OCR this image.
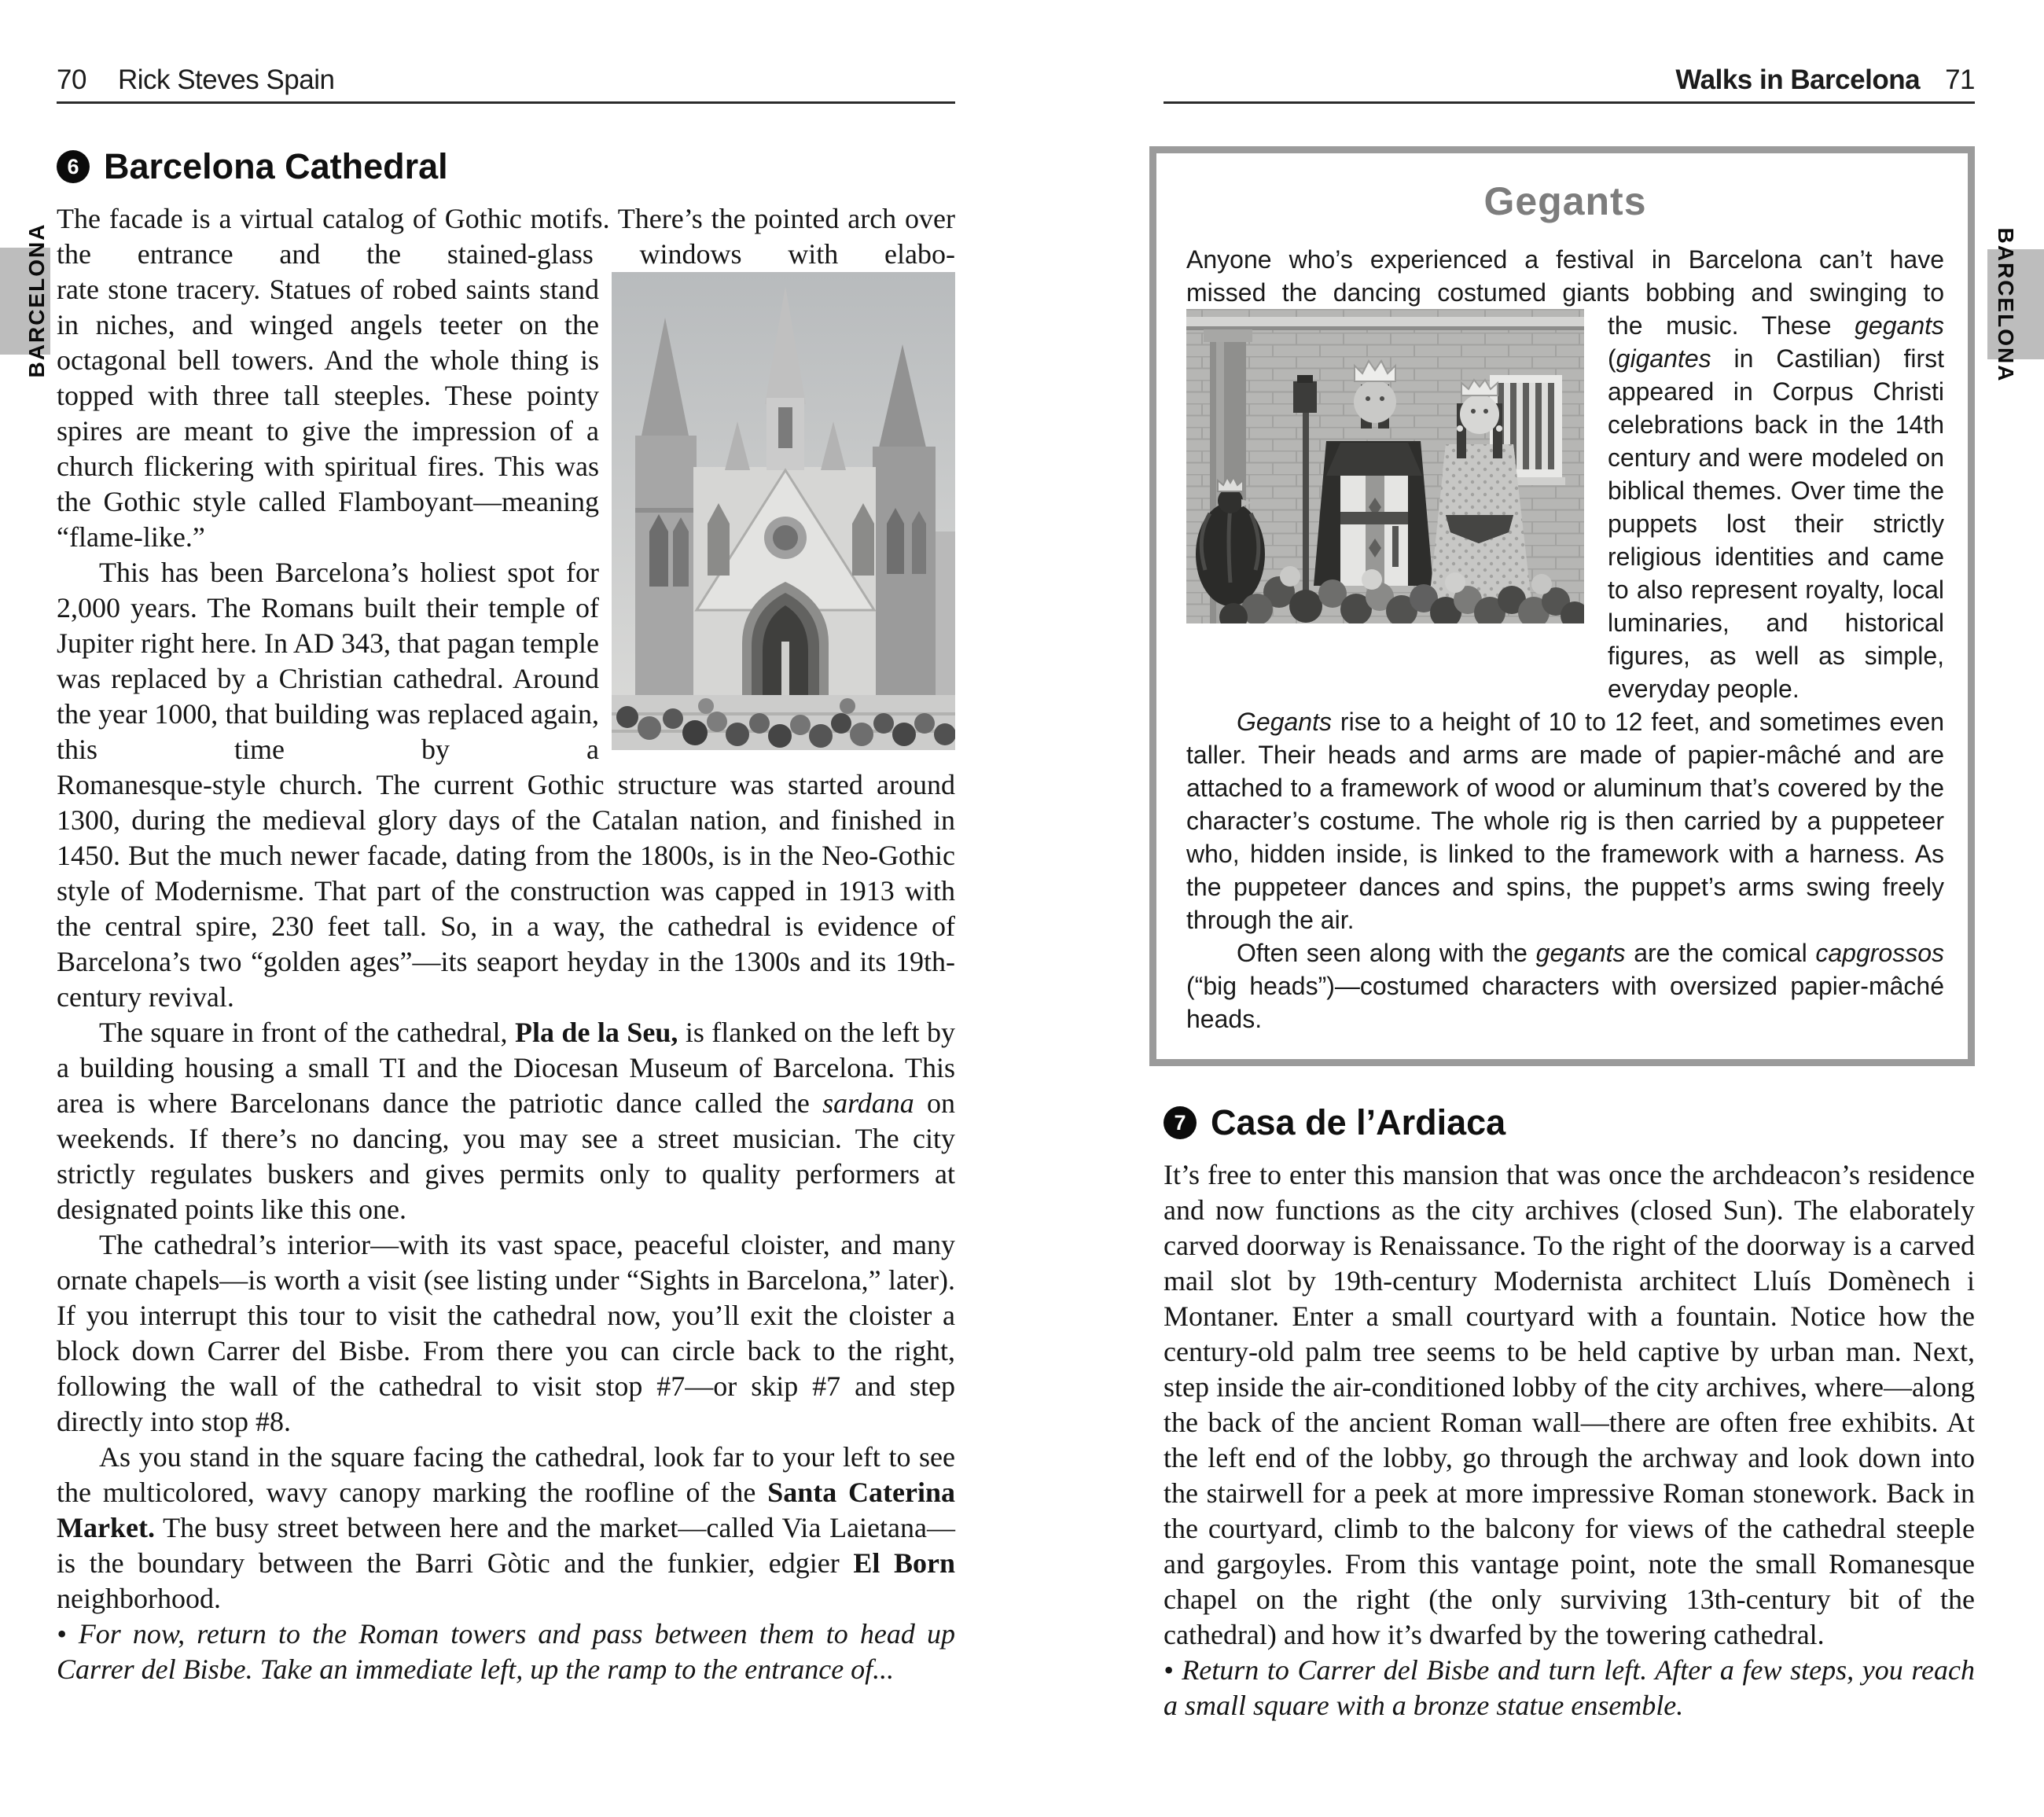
70 Rick Steves Spain	Walks in Barcelona 71
BARCELONA	BARCELONA
6 Barcelona Cathedral

The facade is a virtual catalog of Gothic motifs. There’s the pointed arch over the entrance and the stained-glass windows with elabo-

rate stone tracery. Statues of robed saints stand in niches, and winged angels teeter on the octagonal bell towers. And the whole thing is topped with three tall steeples. These pointy spires are meant to give the impression of a church flickering with spiritual fires. This was the Gothic style called Flamboyant—meaning “flame-like.”

This has been Barcelona’s holiest spot for 2,000 years. The Romans built their temple of Jupiter right here. In AD 343, that pagan temple was replaced by a Christian cathedral. Around the year 1000, that building was replaced again, this time by a

Romanesque-style church. The current Gothic structure was started around 1300, during the medieval glory days of the Catalan nation, and finished in 1450. But the much newer facade, dating from the 1800s, is in the Neo-Gothic style of Modernisme. That part of the construction was capped in 1913 with the central spire, 230 feet tall. So, in a way, the cathedral is evidence of Barcelona’s two “golden ages”—its seaport heyday in the 1300s and its 19th-century revival.

The square in front of the cathedral, Pla de la Seu, is flanked on the left by a building housing a small TI and the Diocesan Museum of Barcelona. This area is where Barcelonans dance the patriotic dance called the sardana on weekends. If there’s no dancing, you may see a street musician. The city strictly regulates buskers and gives permits only to quality performers at designated points like this one.

The cathedral’s interior—with its vast space, peaceful cloister, and many ornate chapels—is worth a visit (see listing under “Sights in Barcelona,” later). If you interrupt this tour to visit the cathedral now, you’ll exit the cloister a block down Carrer del Bisbe. From there you can circle back to the right, following the wall of the cathedral to visit stop #7—or skip #7 and step directly into stop #8.

As you stand in the square facing the cathedral, look far to your left to see the multicolored, wavy canopy marking the roofline of the Santa Caterina Market. The busy street between here and the market—called Via Laietana—is the boundary between the Barri Gòtic and the funkier, edgier El Born neighborhood.

• For now, return to the Roman towers and pass between them to head up Carrer del Bisbe. Take an immediate left, up the ramp to the entrance of...

Gegants

Anyone who’s experienced a festival in Barcelona can’t have missed the dancing costumed giants bobbing and swinging to

the music. These gegants (gigantes in Castilian) first appeared in Corpus Christi celebrations back in the 14th century and were modeled on biblical themes. Over time the puppets lost their strictly religious identities and came to also represent royalty, local luminaries, and historical figures, as well as simple, everyday people.

Gegants rise to a height of 10 to 12 feet, and sometimes even taller. Their heads and arms are made of papier-mâché and are attached to a framework of wood or aluminum that’s covered by the character’s costume. The whole rig is then carried by a puppeteer who, hidden inside, is linked to the framework with a harness. As the puppeteer dances and spins, the puppet’s arms swing freely through the air.

Often seen along with the gegants are the comical capgrossos (“big heads”)—costumed characters with oversized papier-mâché heads.

7 Casa de l’Ardiaca

It’s free to enter this mansion that was once the archdeacon’s residence and now functions as the city archives (closed Sun). The elaborately carved doorway is Renaissance. To the right of the doorway is a carved mail slot by 19th-century Modernista architect Lluís Domènech i Montaner. Enter a small courtyard with a fountain. Notice how the century-old palm tree seems to be held captive by urban man. Next, step inside the air-conditioned lobby of the city archives, where—along the back of the ancient Roman wall—there are often free exhibits. At the left end of the lobby, go through the archway and look down into the stairwell for a peek at more impressive Roman stonework. Back in the courtyard, climb to the balcony for views of the cathedral steeple and gargoyles. From this vantage point, note the small Romanesque chapel on the right (the only surviving 13th-century bit of the cathedral) and how it’s dwarfed by the towering cathedral.

• Return to Carrer del Bisbe and turn left. After a few steps, you reach a small square with a bronze statue ensemble.
